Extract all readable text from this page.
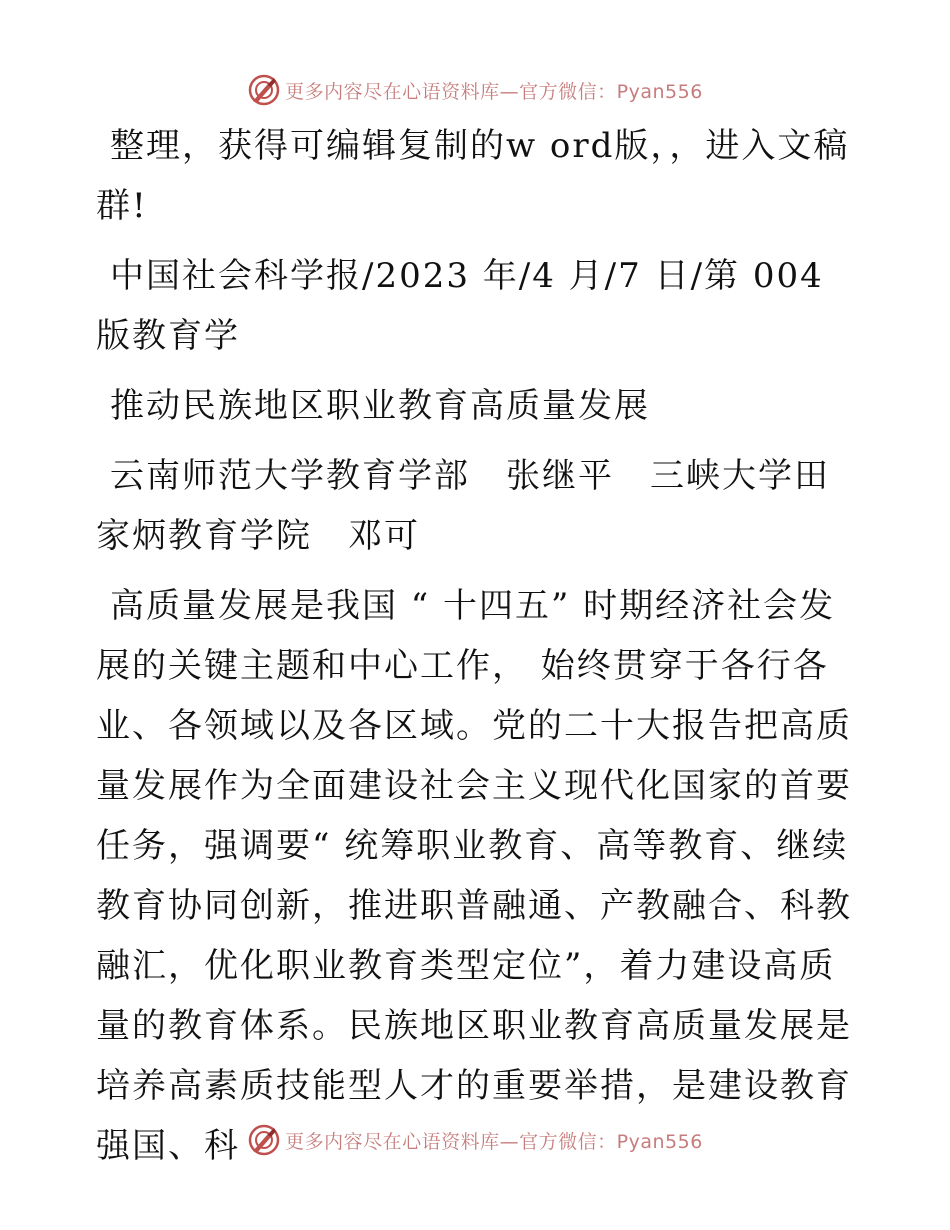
更多内容尽在心语资料库—官方微信：Pyan556

整理，获得可编辑复制的w ord版，，进入文稿群!

中国社会科学报/2023 年/4 月/7 日/第 004 版教育学

推动民族地区职业教育高质量发展

云南师范大学教育学部　张继平　三峡大学田家炳教育学院　邓可

高质量发展是我国 “ 十四五” 时期经济社会发展的关键主题和中心工作， 始终贯穿于各行各业、各领域以及各区域。党的二十大报告把高质量发展作为全面建设社会主义现代化国家的首要任务，强调要“ 统筹职业教育、高等教育、继续教育协同创新，推进职普融通、产教融合、科教融汇，优化职业教育类型定位”，着力建设高质量的教育体系。民族地区职业教育高质量发展是培养高素质技能型人才的重要举措，是建设教育强国、科	更多内容尽在心语资料库—官方微信：Pyan556
